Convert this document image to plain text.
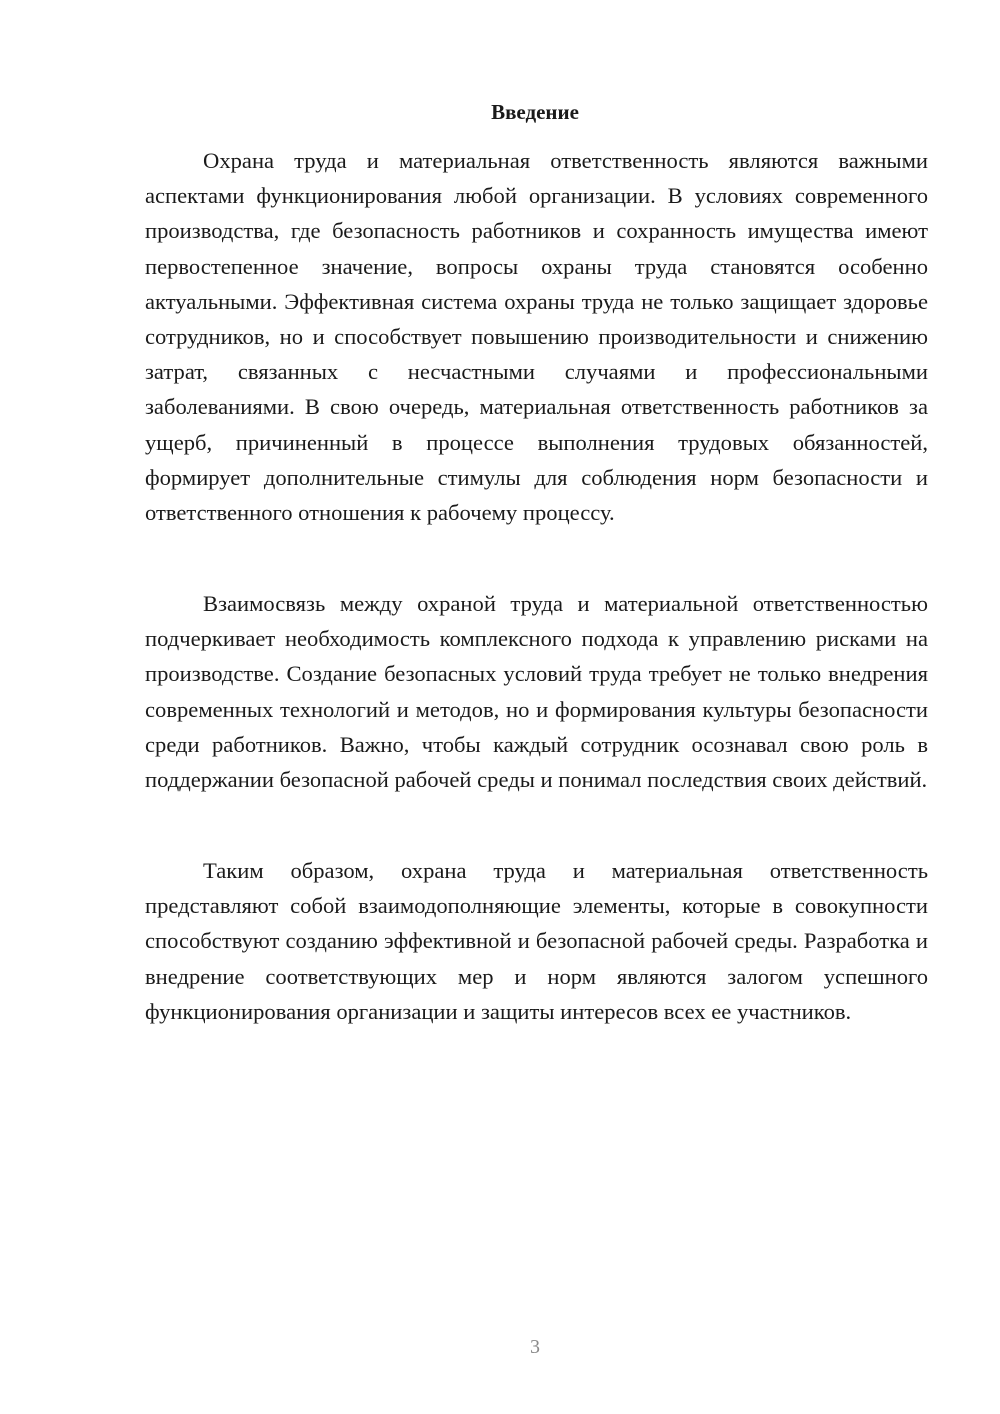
Введение

Охрана труда и материальная ответственность являются важными аспектами функционирования любой организации. В условиях современного производства, где безопасность работников и сохранность имущества имеют первостепенное значение, вопросы охраны труда становятся особенно актуальными. Эффективная система охраны труда не только защищает здоровье сотрудников, но и способствует повышению производительности и снижению затрат, связанных с несчастными случаями и профессиональными заболеваниями. В свою очередь, материальная ответственность работников за ущерб, причиненный в процессе выполнения трудовых обязанностей, формирует дополнительные стимулы для соблюдения норм безопасности и ответственного отношения к рабочему процессу.

Взаимосвязь между охраной труда и материальной ответственностью подчеркивает необходимость комплексного подхода к управлению рисками на производстве. Создание безопасных условий труда требует не только внедрения современных технологий и методов, но и формирования культуры безопасности среди работников. Важно, чтобы каждый сотрудник осознавал свою роль в поддержании безопасной рабочей среды и понимал последствия своих действий.

Таким образом, охрана труда и материальная ответственность представляют собой взаимодополняющие элементы, которые в совокупности способствуют созданию эффективной и безопасной рабочей среды. Разработка и внедрение соответствующих мер и норм являются залогом успешного функционирования организации и защиты интересов всех ее участников.

3
